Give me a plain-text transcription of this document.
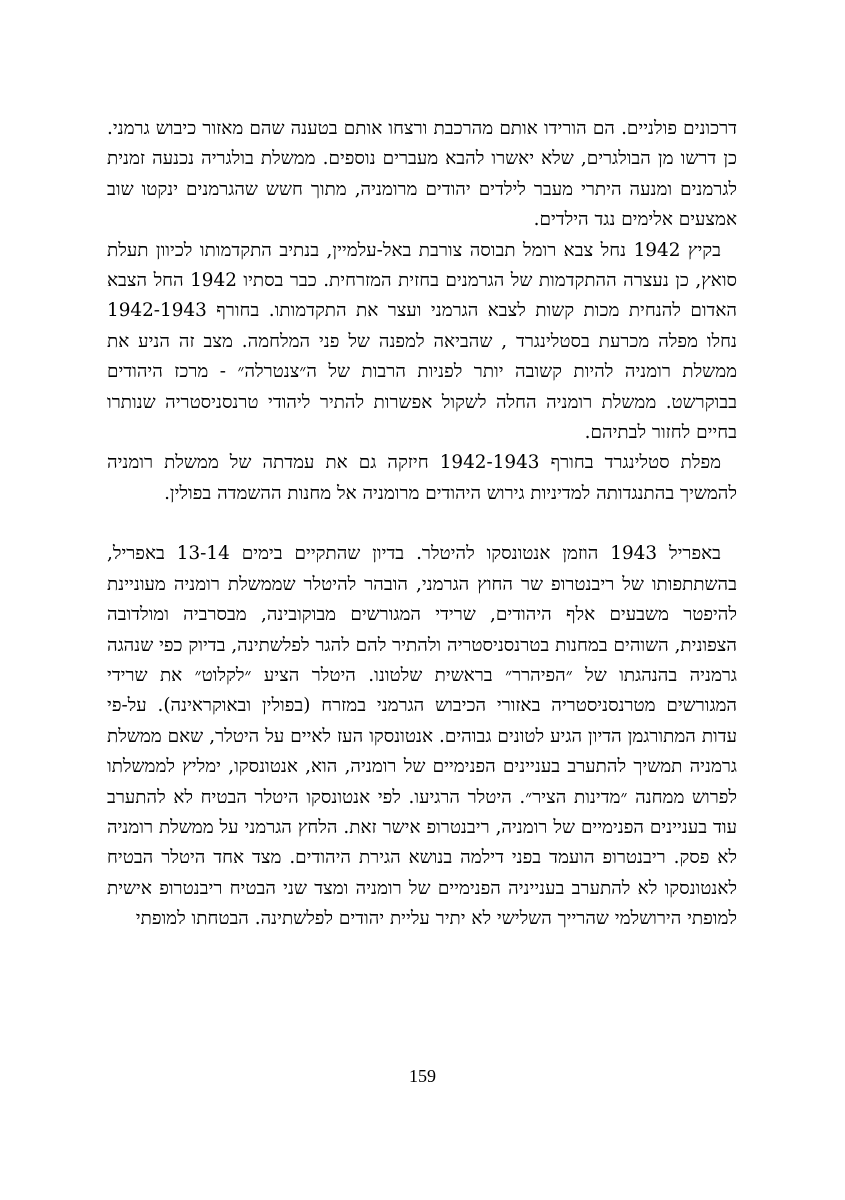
דרכונים פולניים. הם הורידו אותם מהרכבת ורצחו אותם בטענה שהם מאזור כיבוש גרמני. כן דרשו מן הבולגרים, שלא יאשרו להבא מעברים נוספים. ממשלת בולגריה נכנעה זמנית לגרמנים ומנעה היתרי מעבר לילדים יהודים מרומניה, מתוך חשש שהגרמנים ינקטו שוב אמצעים אלימים נגד הילדים.

בקיץ 1942 נחל צבא רומל תבוסה צורבת באל-עלמיין, בנתיב התקדמותו לכיוון תעלת סואץ, כן נעצרה ההתקדמות של הגרמנים בחזית המזרחית. כבר בסתיו 1942 החל הצבא האדום להנחית מכות קשות לצבא הגרמני ועצר את התקדמותו. בחורף 1942-1943 נחלו מפלה מכרעת בסטלינגרד , שהביאה למפנה של פני המלחמה. מצב זה הניע את ממשלת רומניה להיות קשובה יותר לפניות הרבות של ה״צנטרלה״ - מרכז היהודים בבוקרשט. ממשלת רומניה החלה לשקול אפשרות להתיר ליהודי טרנסניסטריה שנותרו בחיים לחזור לבתיהם.

מפלת סטלינגרד בחורף 1942-1943 חיזקה גם את עמדתה של ממשלת רומניה להמשיך בהתנגדותה למדיניות גירוש היהודים מרומניה אל מחנות ההשמדה בפולין.

באפריל 1943 הוזמן אנטונסקו להיטלר. בדיון שהתקיים בימים 13-14 באפריל, בהשתתפותו של ריבנטרופ שר החוץ הגרמני, הובהר להיטלר שממשלת רומניה מעוניינת להיפטר משבעים אלף היהודים, שרידי המגורשים מבוקובינה, מבסרביה ומולדובה הצפונית, השוהים במחנות בטרנסניסטריה ולהתיר להם להגר לפלשתינה, בדיוק כפי שנהגה גרמניה בהנהגתו של ״הפיהרר״ בראשית שלטונו. היטלר הציע ״לקלוט״ את שרידי המגורשים מטרנסניסטריה באזורי הכיבוש הגרמני במזרח (בפולין ובאוקראינה). על-פי עדות המתורגמן הדיון הגיע לטונים גבוהים. אנטונסקו העז לאיים על היטלר, שאם ממשלת גרמניה תמשיך להתערב בעניינים הפנימיים של רומניה, הוא, אנטונסקו, ימליץ לממשלתו לפרוש ממחנה ״מדינות הציר״. היטלר הרגיעו. לפי אנטונסקו היטלר הבטיח לא להתערב עוד בעניינים הפנימיים של רומניה, ריבנטרופ אישר זאת. הלחץ הגרמני על ממשלת רומניה לא פסק. ריבנטרופ הועמד בפני דילמה בנושא הגירת היהודים. מצד אחד היטלר הבטיח לאנטונסקו לא להתערב בענייניה הפנימיים של רומניה ומצד שני הבטיח ריבנטרופ אישית למופתי הירושלמי שהרייך השלישי לא יתיר עליית יהודים לפלשתינה. הבטחתו למופתי

159
